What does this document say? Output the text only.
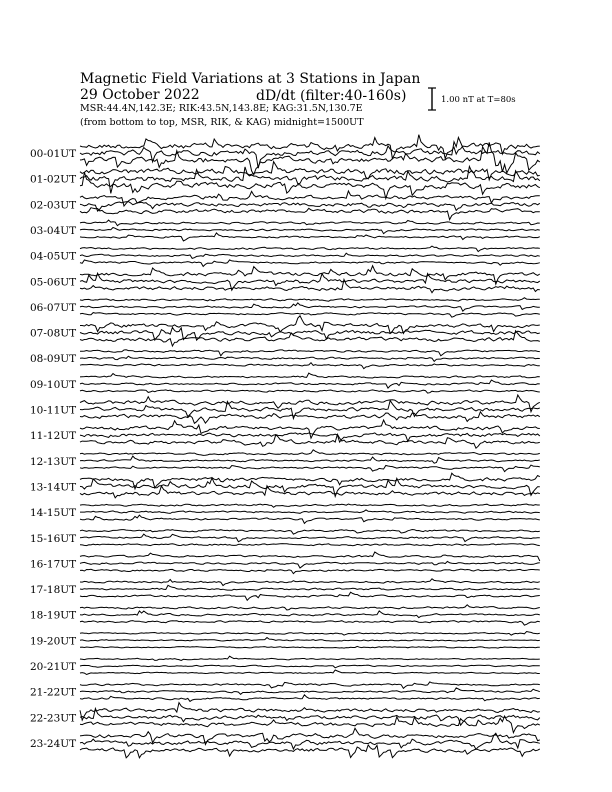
Magnetic Field Variations at 3 Stations in Japan
29 October 2022	dD/dt (filter:40-160s)
MSR:44.4N,142.3E; RIK:43.5N,143.8E; KAG:31.5N,130.7E
(from bottom to top, MSR, RIK, & KAG) midnight=1500UT
1.00 nT at T=80s
00-01UT
01-02UT
02-03UT
03-04UT
04-05UT
05-06UT
06-07UT
07-08UT
08-09UT
09-10UT
10-11UT
11-12UT
12-13UT
13-14UT
14-15UT
15-16UT
16-17UT
17-18UT
18-19UT
19-20UT
20-21UT
21-22UT
22-23UT
23-24UT
